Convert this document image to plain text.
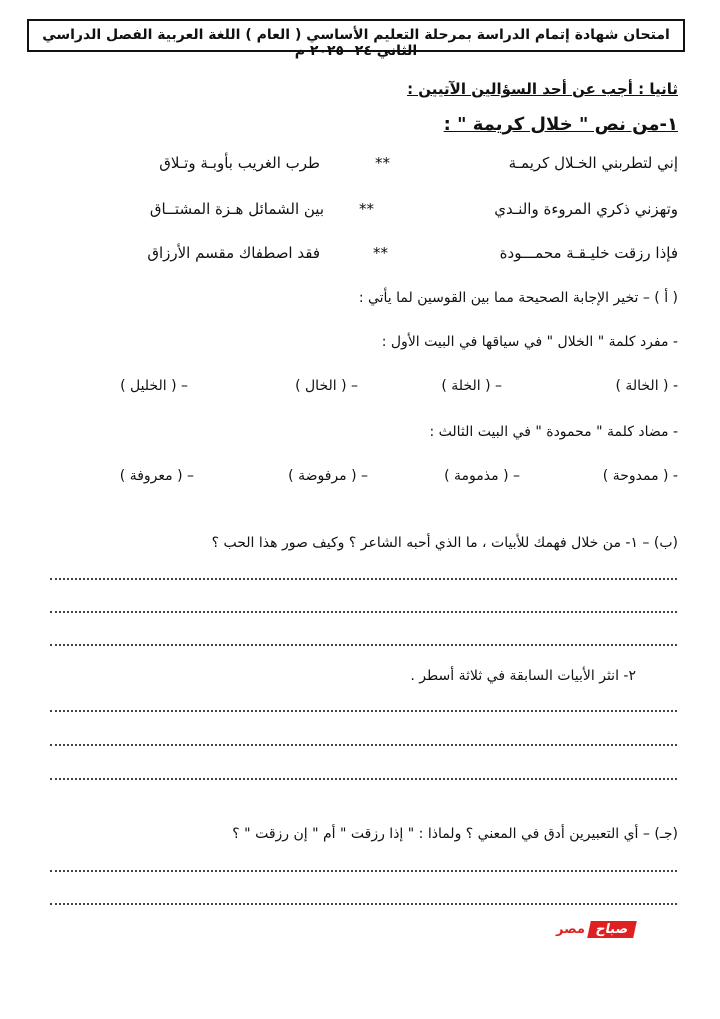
امتحان شهادة إتمام الدراسة بمرحلة التعليم الأساسي ( العام ) اللغة العربية الفصل الدراسي الثاني ٢٤- ٢٠٢٥ م
ثانيا : أجب عن أحد السؤالين الآتيين :
١-من نص " خلال كريمة " :
إني لتطربني الخـلال كريمـة
**
طرب الغريب بأوبـة وتـلاق
وتهزني ذكري المروءة والنـدي
**
بين الشمائل هـزة المشتــاق
فإذا رزقت خليـقـة محمـــودة
**
فقد اصطفاك مقسم الأرزاق
( أ ) – تخير الإجابة الصحيحة مما بين القوسين لما يأتي :
- مفرد كلمة " الخلال " في سياقها في البيت الأول :
- ( الخالة )
– ( الخلة )
– ( الخال )
– ( الخليل )
- مضاد كلمة " محمودة " في البيت الثالث :
- ( ممدوحة )
– ( مذمومة )
– ( مرفوضة )
– ( معروفة )
(ب) – ١- من خلال فهمك للأبيات ، ما الذي أحبه الشاعر ؟ وكيف صور هذا الحب ؟
٢- انثر الأبيات السابقة في ثلاثة أسطر .
(جـ) – أي التعبيرين أدق في المعني ؟ ولماذا : " إذا رزقت " أم " إن رزقت " ؟
صباحمصر
